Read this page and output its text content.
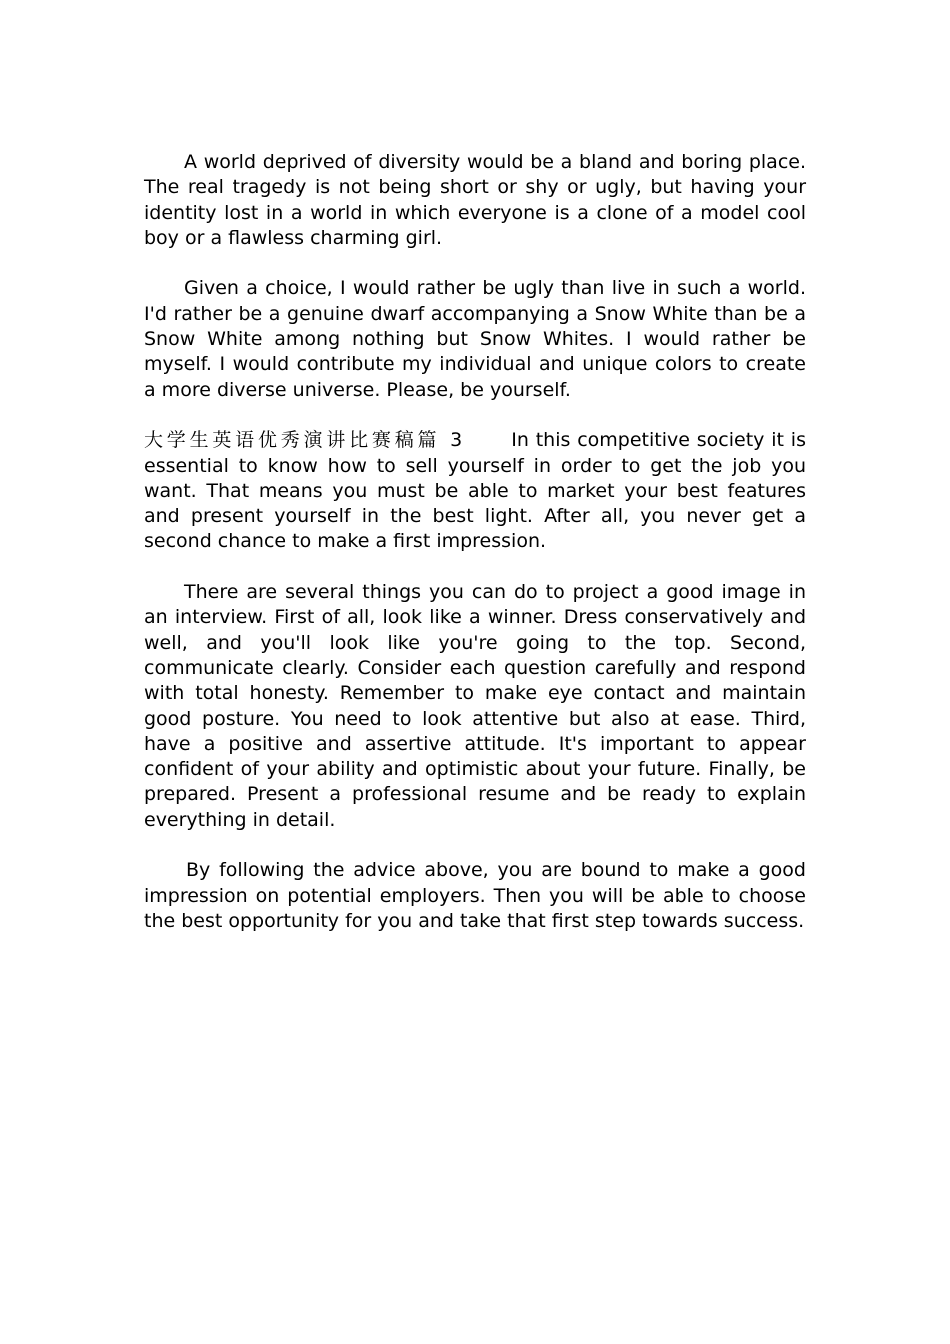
A world deprived of diversity would be a bland and boring place. The real tragedy is not being short or shy or ugly, but having your identity lost in a world in which everyone is a clone of a model cool boy or a flawless charming girl.

Given a choice, I would rather be ugly than live in such a world. I'd rather be a genuine dwarf accompanying a Snow White than be a Snow White among nothing but Snow Whites. I would rather be myself. I would contribute my individual and unique colors to create a more diverse universe. Please, be yourself.

大学生英语优秀演讲比赛稿篇 3 In this competitive society it is essential to know how to sell yourself in order to get the job you want. That means you must be able to market your best features and present yourself in the best light. After all, you never get a second chance to make a first impression.

There are several things you can do to project a good image in an interview. First of all, look like a winner. Dress conservatively and well, and you'll look like you're going to the top. Second, communicate clearly. Consider each question carefully and respond with total honesty. Remember to make eye contact and maintain good posture. You need to look attentive but also at ease. Third, have a positive and assertive attitude. It's important to appear confident of your ability and optimistic about your future. Finally, be prepared. Present a professional resume and be ready to explain everything in detail.

By following the advice above, you are bound to make a good impression on potential employers. Then you will be able to choose the best opportunity for you and take that first step towards success.
